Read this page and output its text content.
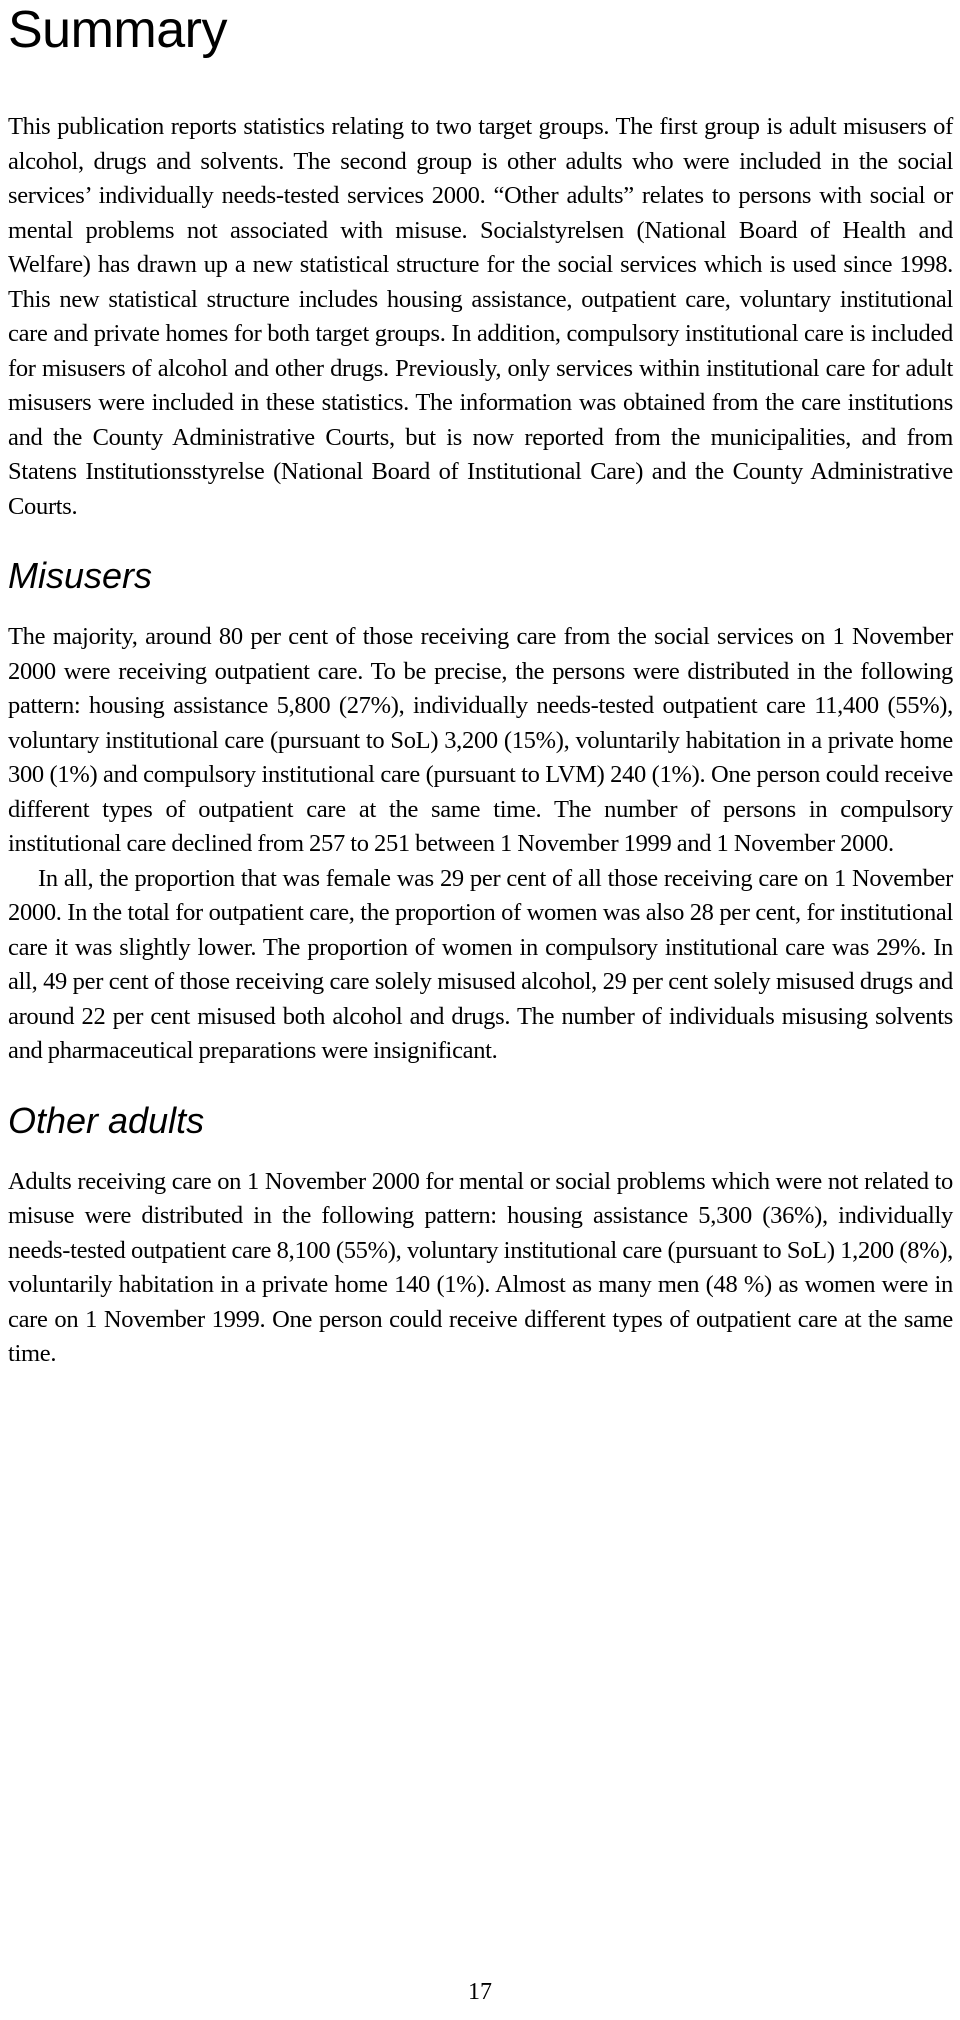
Summary

This publication reports statistics relating to two target groups. The first group is adult misusers of alcohol, drugs and solvents. The second group is other adults who were included in the social services’ individually needs-tested services 2000. “Other adults” relates to persons with social or mental problems not associated with misuse. Socialstyrelsen (National Board of Health and Welfare) has drawn up a new statistical structure for the social services which is used since 1998. This new statistical structure includes housing assistance, outpatient care, voluntary institutional care and private homes for both target groups. In addition, compulsory institutional care is included for misusers of alcohol and other drugs. Previously, only services within institutional care for adult misusers were included in these statistics. The information was obtained from the care institutions and the County Administrative Courts, but is now reported from the municipalities, and from Statens Institutionsstyrelse (National Board of Institutional Care) and the County Administrative Courts.

Misusers

The majority, around 80 per cent of those receiving care from the social services on 1 November 2000 were receiving outpatient care. To be precise, the persons were distributed in the following pattern: housing assistance 5,800 (27%), individually needs-tested outpatient care 11,400 (55%), voluntary institutional care (pursuant to SoL) 3,200 (15%), voluntarily habitation in a private home 300 (1%) and compulsory institutional care (pursuant to LVM) 240 (1%). One person could receive different types of outpatient care at the same time. The number of persons in compulsory institutional care declined from 257 to 251 between 1 November 1999 and 1 November 2000.

In all, the proportion that was female was 29 per cent of all those receiving care on 1 November 2000. In the total for outpatient care, the proportion of women was also 28 per cent, for institutional care it was slightly lower. The proportion of women in compulsory institutional care was 29%. In all, 49 per cent of those receiving care solely misused alcohol, 29 per cent solely misused drugs and around 22 per cent misused both alcohol and drugs. The number of individuals misusing solvents and pharmaceutical preparations were insignificant.

Other adults

Adults receiving care on 1 November 2000 for mental or social problems which were not related to misuse were distributed in the following pattern: housing assistance 5,300 (36%), individually needs-tested outpatient care 8,100 (55%), voluntary institutional care (pursuant to SoL) 1,200 (8%), voluntarily habitation in a private home 140 (1%). Almost as many men (48 %) as women were in care on 1 November 1999. One person could receive different types of outpatient care at the same time.

17
